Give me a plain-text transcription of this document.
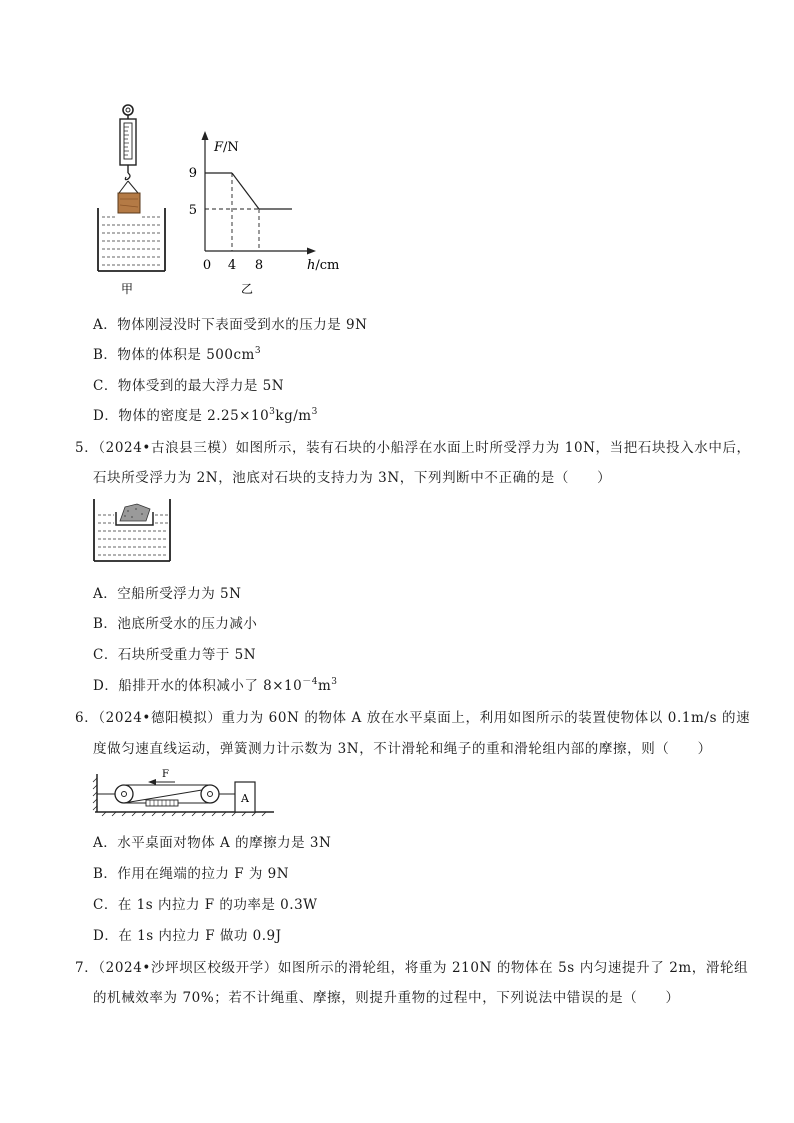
甲
F/N
h/cm
9
5
0 4 8
乙
A．物体刚浸没时下表面受到水的压力是 9N
B．物体的体积是 $500cm^3$
C．物体受到的最大浮力是 5N
D．物体的密度是 $2.25\times 10^3kg/m^3$
5．（2024•古浪县三模）如图所示，装有石块的小船浮在水面上时所受浮力为 10N，当把石块投入水中后，
石块所受浮力为 2N，池底对石块的支持力为 3N，下列判断中不正确的是（　　）
A．空船所受浮力为 5N
B．池底所受水的压力减小
C．石块所受重力等于 5N
D．船排开水的体积减小了 $8\times 10^{-4}m^3$
6．（2024•德阳模拟）重力为 60N 的物体 A 放在水平桌面上，利用如图所示的装置使物体以 0.1m/s 的速
度做匀速直线运动，弹簧测力计示数为 3N，不计滑轮和绳子的重和滑轮组内部的摩擦，则（　　）
F
A
A．水平桌面对物体 A 的摩擦力是 3N
B．作用在绳端的拉力 F 为 9N
C．在 1s 内拉力 F 的功率是 0.3W
D．在 1s 内拉力 F 做功 0.9J
7．（2024•沙坪坝区校级开学）如图所示的滑轮组，将重为 210N 的物体在 5s 内匀速提升了 2m，滑轮组
的机械效率为 70%；若不计绳重、摩擦，则提升重物的过程中，下列说法中错误的是（　　）
